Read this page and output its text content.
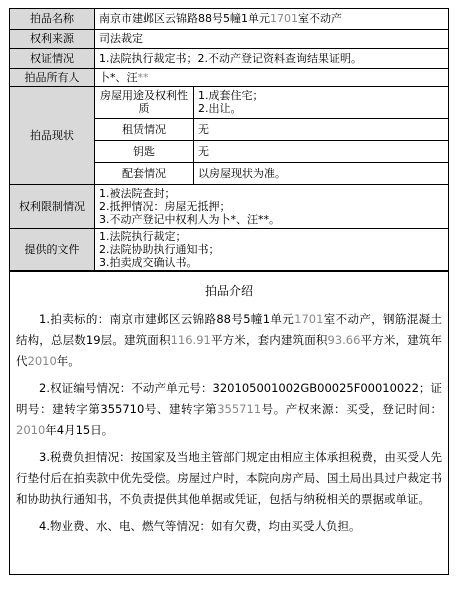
拍品名称	南京市建邺区云锦路88号5幢1单元1701室不动产	
权利来源	司法裁定	
权证情况	1.法院执行裁定书；2.不动产登记资料查询结果证明。	
拍品所有人	卜*、汪**	
拍品现状	房屋用途及权利性质	1.成套住宅；
2.出让。

	租赁情况	无
	钥匙	无
	配套情况	以房屋现状为准。
权利限制情况	1.被法院查封；
2.抵押情况：房屋无抵押；
3.不动产登记中权利人为卜*、汪**。	

提供的文件	1.法院执行裁定；
2.法院协助执行通知书；
3.拍卖成交确认书。	
拍品介绍
1.拍卖标的：南京市建邺区云锦路88号5幢1单元1701室不动产，钢筋混凝土结构，总层数19层。建筑面积116.91平方米，套内建筑面积93.66平方米，建筑年代2010年。
2.权证编号情况：不动产单元号：320105001002GB00025F00010022；证明号：建转字第355710号、建转字第355711号。产权来源：买受，登记时间：2010年4月15日。
3.税费负担情况：按国家及当地主管部门规定由相应主体承担税费，由买受人先行垫付后在拍卖款中优先受偿。房屋过户时，本院向房产局、国土局出具过户裁定书和协助执行通知书，不负责提供其他单据或凭证，包括与纳税相关的票据或单证。
4.物业费、水、电、燃气等情况：如有欠费，均由买受人负担。
